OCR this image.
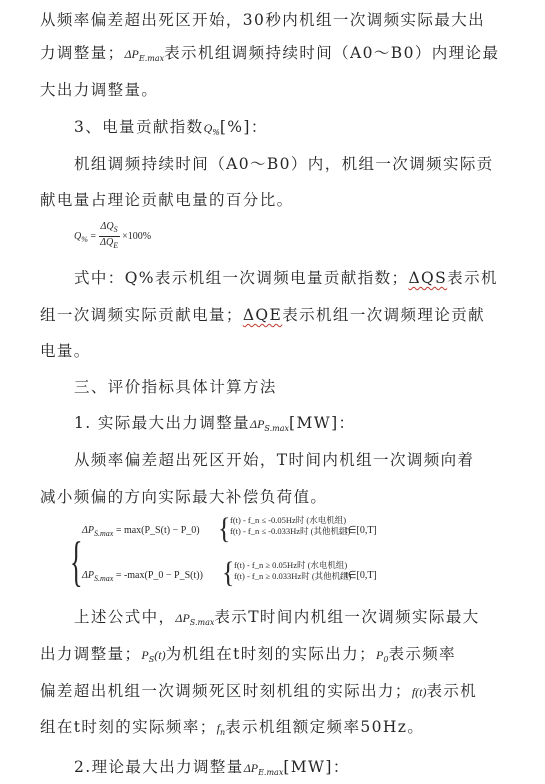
从频率偏差超出死区开始，30秒内机组一次调频实际最大出
力调整量；$\Delta P_{E.max}$表示机组调频持续时间（A0～B0）内理论最
大出力调整量。
3、电量贡献指数$Q_{\%}[\%]$：
机组调频持续时间（A0～B0）内，机组一次调频实际贡
献电量占理论贡献电量的百分比。
$Q_{\%} = \frac{\Delta Q_S}{\Delta Q_E} \times 100\%$
式中：Q%表示机组一次调频电量贡献指数；ΔQS表示机
组一次调频实际贡献电量；ΔQE表示机组一次调频理论贡献
电量。
三、评价指标具体计算方法
1. 实际最大出力调整量$\Delta P_{S.max}[MW]$：
从频率偏差超出死区开始，T时间内机组一次调频向着
减小频偏的方向实际最大补偿负荷值。
{ $\Delta P_{S.max}$ = max(P_S(t) − P_0) { f(t) - f_n ≤ -0.05Hz时 (水电机组)
f(t) - f_n ≤ -0.033Hz时 (其他机组)
, t∈[0,T]
$\Delta P_{S.max}$ = -max(P_0 − P_S(t)) { f(t) - f_n ≥ 0.05Hz时 (水电机组)
f(t) - f_n ≥ 0.033Hz时 (其他机组)
, t∈[0,T]
上述公式中，$\Delta P_{S.max}$表示T时间内机组一次调频实际最大
出力调整量；$P_S(t)$为机组在t时刻的实际出力；$P_0$表示频率
偏差超出机组一次调频死区时刻机组的实际出力；f(t)表示机
组在t时刻的实际频率；$f_n$表示机组额定频率50Hz。
2.理论最大出力调整量$\Delta P_{E.max}[MW]$：
